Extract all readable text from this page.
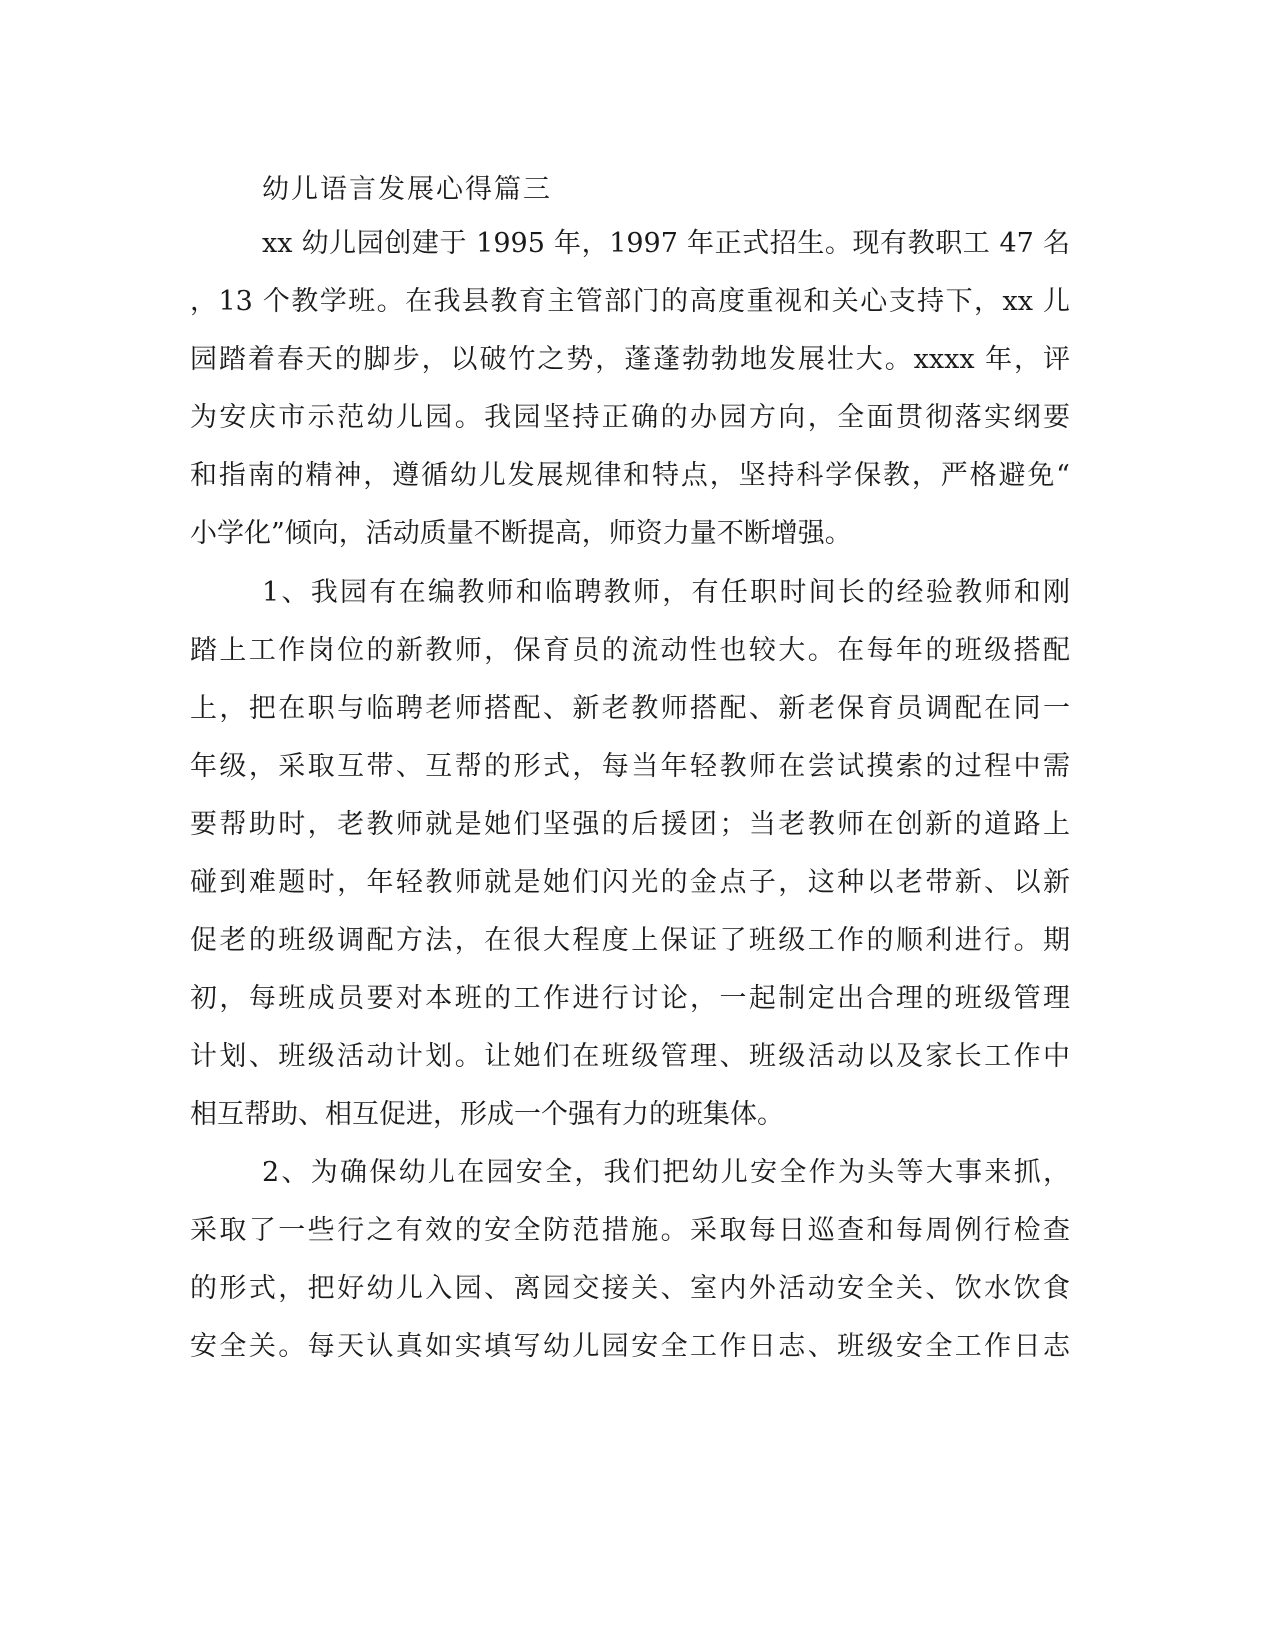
幼儿语言发展心得篇三
xx 幼儿园创建于 1995 年，1997 年正式招生。现有教职工 47 名
，13 个教学班。在我县教育主管部门的高度重视和关心支持下，xx 儿
园踏着春天的脚步，以破竹之势，蓬蓬勃勃地发展壮大。xxxx 年，评
为安庆市示范幼儿园。我园坚持正确的办园方向，全面贯彻落实纲要
和指南的精神，遵循幼儿发展规律和特点，坚持科学保教，严格避免“
小学化”倾向，活动质量不断提高，师资力量不断增强。
1、我园有在编教师和临聘教师，有任职时间长的经验教师和刚
踏上工作岗位的新教师，保育员的流动性也较大。在每年的班级搭配
上，把在职与临聘老师搭配、新老教师搭配、新老保育员调配在同一
年级，采取互带、互帮的形式，每当年轻教师在尝试摸索的过程中需
要帮助时，老教师就是她们坚强的后援团；当老教师在创新的道路上
碰到难题时，年轻教师就是她们闪光的金点子，这种以老带新、以新
促老的班级调配方法，在很大程度上保证了班级工作的顺利进行。期
初，每班成员要对本班的工作进行讨论，一起制定出合理的班级管理
计划、班级活动计划。让她们在班级管理、班级活动以及家长工作中
相互帮助、相互促进，形成一个强有力的班集体。
2、为确保幼儿在园安全，我们把幼儿安全作为头等大事来抓，
采取了一些行之有效的安全防范措施。采取每日巡查和每周例行检查
的形式，把好幼儿入园、离园交接关、室内外活动安全关、饮水饮食
安全关。每天认真如实填写幼儿园安全工作日志、班级安全工作日志
